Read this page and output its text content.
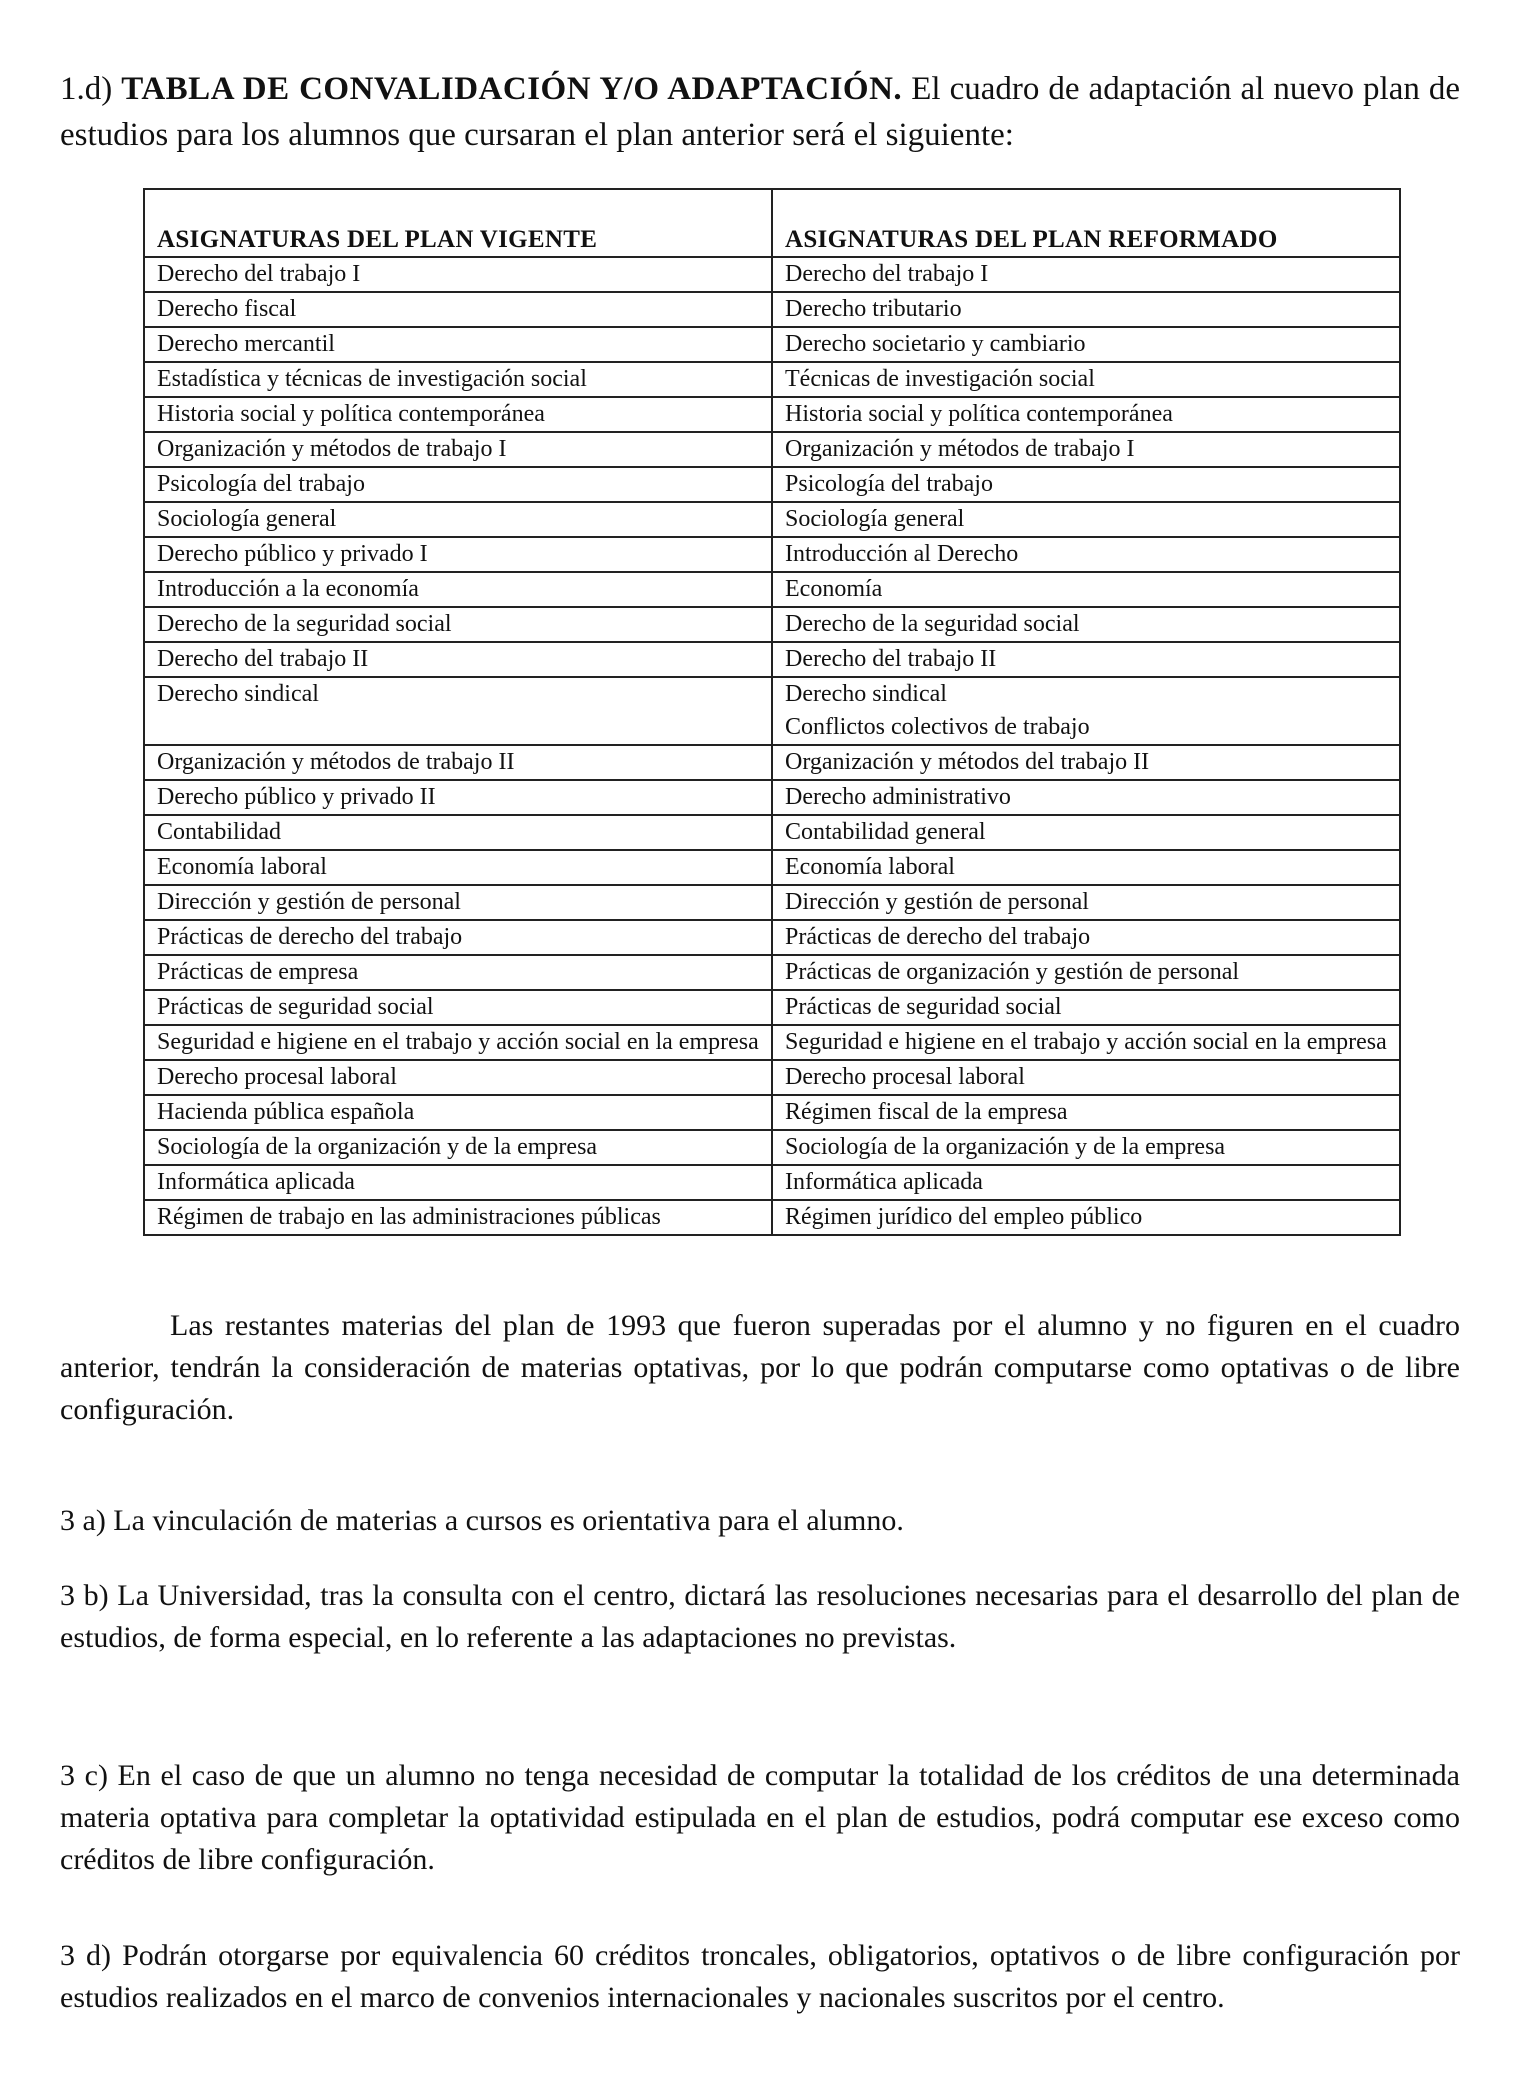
1.d) TABLA DE CONVALIDACIÓN Y/O ADAPTACIÓN. El cuadro de adaptación al nuevo plan de estudios para los alumnos que cursaran el plan anterior será el siguiente:
ASIGNATURAS DEL PLAN VIGENTE	ASIGNATURAS DEL PLAN REFORMADO
Derecho del trabajo I	Derecho del trabajo I
Derecho fiscal	Derecho tributario
Derecho mercantil	Derecho societario y cambiario
Estadística y técnicas de investigación social	Técnicas de investigación social
Historia social y política contemporánea	Historia social y política contemporánea
Organización y métodos de trabajo I	Organización y métodos de trabajo I
Psicología del trabajo	Psicología del trabajo
Sociología general	Sociología general
Derecho público y privado I	Introducción al Derecho
Introducción a la economía	Economía
Derecho de la seguridad social	Derecho de la seguridad social
Derecho del trabajo II	Derecho del trabajo II
Derecho sindical	Derecho sindical
Conflictos colectivos de trabajo

Organización y métodos de trabajo II	Organización y métodos del trabajo II
Derecho público y privado II	Derecho administrativo
Contabilidad	Contabilidad general
Economía laboral	Economía laboral
Dirección y gestión de personal	Dirección y gestión de personal
Prácticas de derecho del trabajo	Prácticas de derecho del trabajo
Prácticas de empresa	Prácticas de organización y gestión de personal
Prácticas de seguridad social	Prácticas de seguridad social
Seguridad e higiene en el trabajo y acción social en la empresa	Seguridad e higiene en el trabajo y acción social en la empresa
Derecho procesal laboral	Derecho procesal laboral
Hacienda pública española	Régimen fiscal de la empresa
Sociología de la organización y de la empresa	Sociología de la organización y de la empresa
Informática aplicada	Informática aplicada
Régimen de trabajo en las administraciones públicas	Régimen jurídico del empleo público

Las restantes materias del plan de 1993 que fueron superadas por el alumno y no figuren en el cuadro anterior, tendrán la consideración de materias optativas, por lo que podrán computarse como optativas o de libre configuración.

3 a) La vinculación de materias a cursos es orientativa para el alumno.

3 b) La Universidad, tras la consulta con el centro, dictará las resoluciones necesarias para el desarrollo del plan de estudios, de forma especial, en lo referente a las adaptaciones no previstas.

3 c) En el caso de que un alumno no tenga necesidad de computar la totalidad de los créditos de una determinada materia optativa para completar la optatividad estipulada en el plan de estudios, podrá computar ese exceso como créditos de libre configuración.

3 d) Podrán otorgarse por equivalencia 60 créditos troncales, obligatorios, optativos o de libre configuración por estudios realizados en el marco de convenios internacionales y nacionales suscritos por el centro.
